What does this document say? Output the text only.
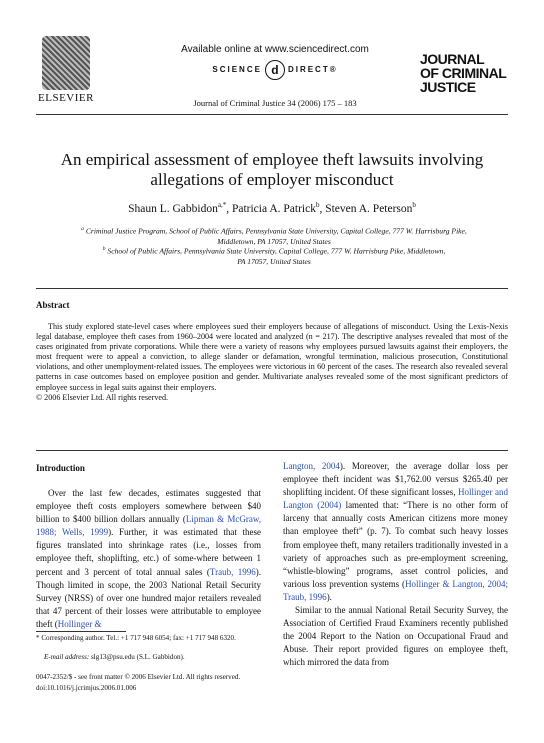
ELSEVIER
Available online at www.sciencedirect.com
SCIENCE d DIRECT®
Journal of Criminal Justice 34 (2006) 175 – 183
JOURNAL
OF CRIMINAL
JUSTICE
An empirical assessment of employee theft lawsuits involving
allegations of employer misconduct
Shaun L. Gabbidon$^{a,*}$, Patricia A. Patrick$^b$, Steven A. Peterson$^b$
$^a$ Criminal Justice Program, School of Public Affairs, Pennsylvania State University, Capital College, 777 W. Harrisburg Pike,
Middletown, PA 17057, United States
$^b$ School of Public Affairs, Pennsylvania State University, Capital College, 777 W. Harrisburg Pike, Middletown,
PA 17057, United States
Abstract

This study explored state-level cases where employees sued their employers because of allegations of misconduct. Using the Lexis-Nexis legal database, employee theft cases from 1960–2004 were located and analyzed (n = 217). The descriptive analyses revealed that most of the cases originated from private corporations. While there were a variety of reasons why employees pursued lawsuits against their employers, the most frequent were to appeal a conviction, to allege slander or defamation, wrongful termination, malicious prosecution, Constitutional violations, and other unemployment-related issues. The employees were victorious in 60 percent of the cases. The research also revealed several patterns in case outcomes based on employee position and gender. Multivariate analyses revealed some of the most significant predictors of employee success in legal suits against their employers.

© 2006 Elsevier Ltd. All rights reserved.

Introduction

Over the last few decades, estimates suggested that employee theft costs employers somewhere between $40 billion to $400 billion dollars annually (Lipman & McGraw, 1988; Wells, 1999). Further, it was estimated that these figures translated into shrinkage rates (i.e., losses from employee theft, shoplifting, etc.) of some-where between 1 percent and 3 percent of total annual sales (Traub, 1996). Though limited in scope, the 2003 National Retail Security Survey (NRSS) of over one hundred major retailers revealed that 47 percent of their losses were attributable to employee theft (Hollinger &

Langton, 2004). Moreover, the average dollar loss per employee theft incident was $1,762.00 versus $265.40 per shoplifting incident. Of these significant losses, Hollinger and Langton (2004) lamented that: “There is no other form of larceny that annually costs American citizens more money than employee theft” (p. 7). To combat such heavy losses from employee theft, many retailers traditionally invested in a variety of approaches such as pre-employment screening, “whistle-blowing” programs, asset control policies, and various loss prevention systems (Hollinger & Langton, 2004; Traub, 1996).

Similar to the annual National Retail Security Survey, the Association of Certified Fraud Examiners recently published the 2004 Report to the Nation on Occupational Fraud and Abuse. Their report provided figures on employee theft, which mirrored the data from

* Corresponding author. Tel.: +1 717 948 6054; fax: +1 717 948 6320.
E-mail address: slg13@psu.edu (S.L. Gabbidon).
0047-2352/$ - see front matter © 2006 Elsevier Ltd. All rights reserved.
doi:10.1016/j.jcrimjus.2006.01.006
